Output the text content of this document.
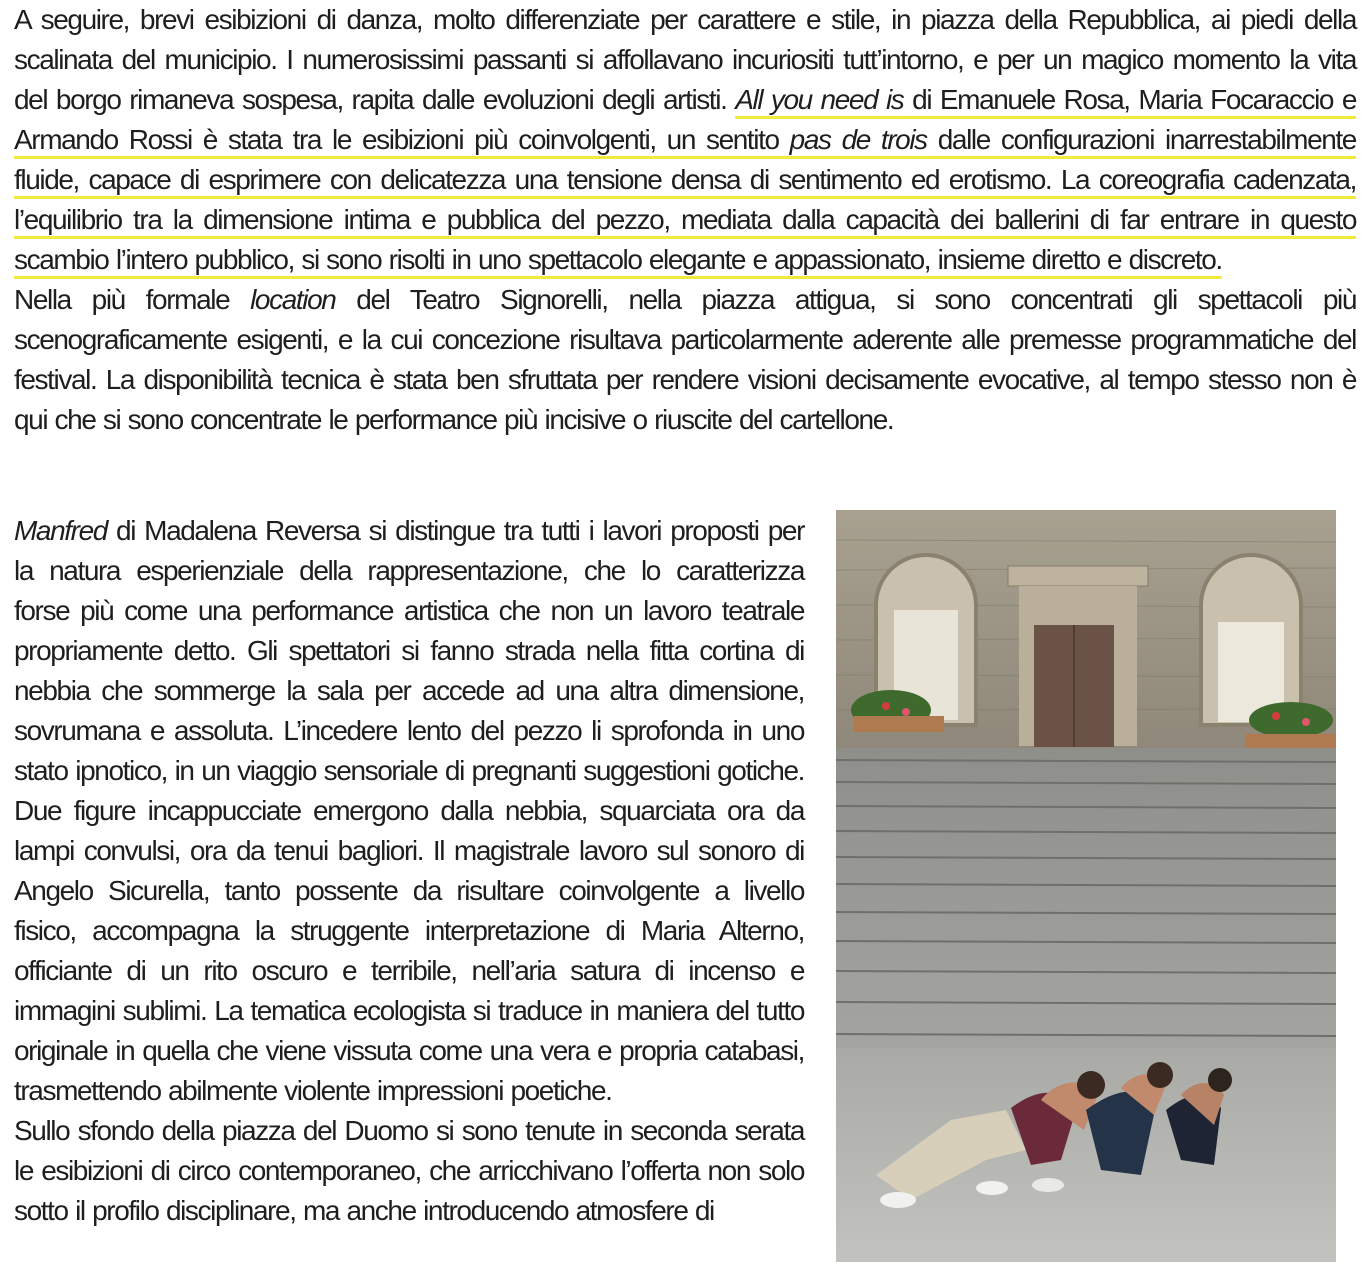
A seguire, brevi esibizioni di danza, molto differenziate per carattere e stile, in piazza della Repubblica, ai piedi della scalinata del municipio. I numerosissimi passanti si affollavano incuriositi tutt’intorno, e per un magico momento la vita del borgo rimaneva sospesa, rapita dalle evoluzioni degli artisti. All you need is di Emanuele Rosa, Maria Focaraccio e Armando Rossi è stata tra le esibizioni più coinvolgenti, un sentito pas de trois dalle configurazioni inarrestabilmente fluide, capace di esprimere con delicatezza una tensione densa di sentimento ed erotismo. La coreografia cadenzata, l’equilibrio tra la dimensione intima e pubblica del pezzo, mediata dalla capacità dei ballerini di far entrare in questo scambio l’intero pubblico, si sono risolti in uno spettacolo elegante e appassionato, insieme diretto e discreto.

Nella più formale location del Teatro Signorelli, nella piazza attigua, si sono concentrati gli spettacoli più scenograficamente esigenti, e la cui concezione risultava particolarmente aderente alle premesse programmatiche del festival. La disponibilità tecnica è stata ben sfruttata per rendere visioni decisamente evocative, al tempo stesso non è qui che si sono concentrate le performance più incisive o riuscite del cartellone.

Manfred di Madalena Reversa si distingue tra tutti i lavori proposti per la natura esperienziale della rappresentazione, che lo caratterizza forse più come una performance artistica che non un lavoro teatrale propriamente detto. Gli spettatori si fanno strada nella fitta cortina di nebbia che sommerge la sala per accede ad una altra dimensione, sovrumana e assoluta. L’incedere lento del pezzo li sprofonda in uno stato ipnotico, in un viaggio sensoriale di pregnanti suggestioni gotiche. Due figure incappucciate emergono dalla nebbia, squarciata ora da lampi convulsi, ora da tenui bagliori. Il magistrale lavoro sul sonoro di Angelo Sicurella, tanto possente da risultare coinvolgente a livello fisico, accompagna la struggente interpretazione di Maria Alterno, officiante di un rito oscuro e terribile, nell’aria satura di incenso e immagini sublimi. La tematica ecologista si traduce in maniera del tutto originale in quella che viene vissuta come una vera e propria catabasi, trasmettendo abilmente violente impressioni poetiche.

Sullo sfondo della piazza del Duomo si sono tenute in seconda serata le esibizioni di circo contemporaneo, che arricchivano l’offerta non solo sotto il profilo disciplinare, ma anche introducendo atmosfere di
